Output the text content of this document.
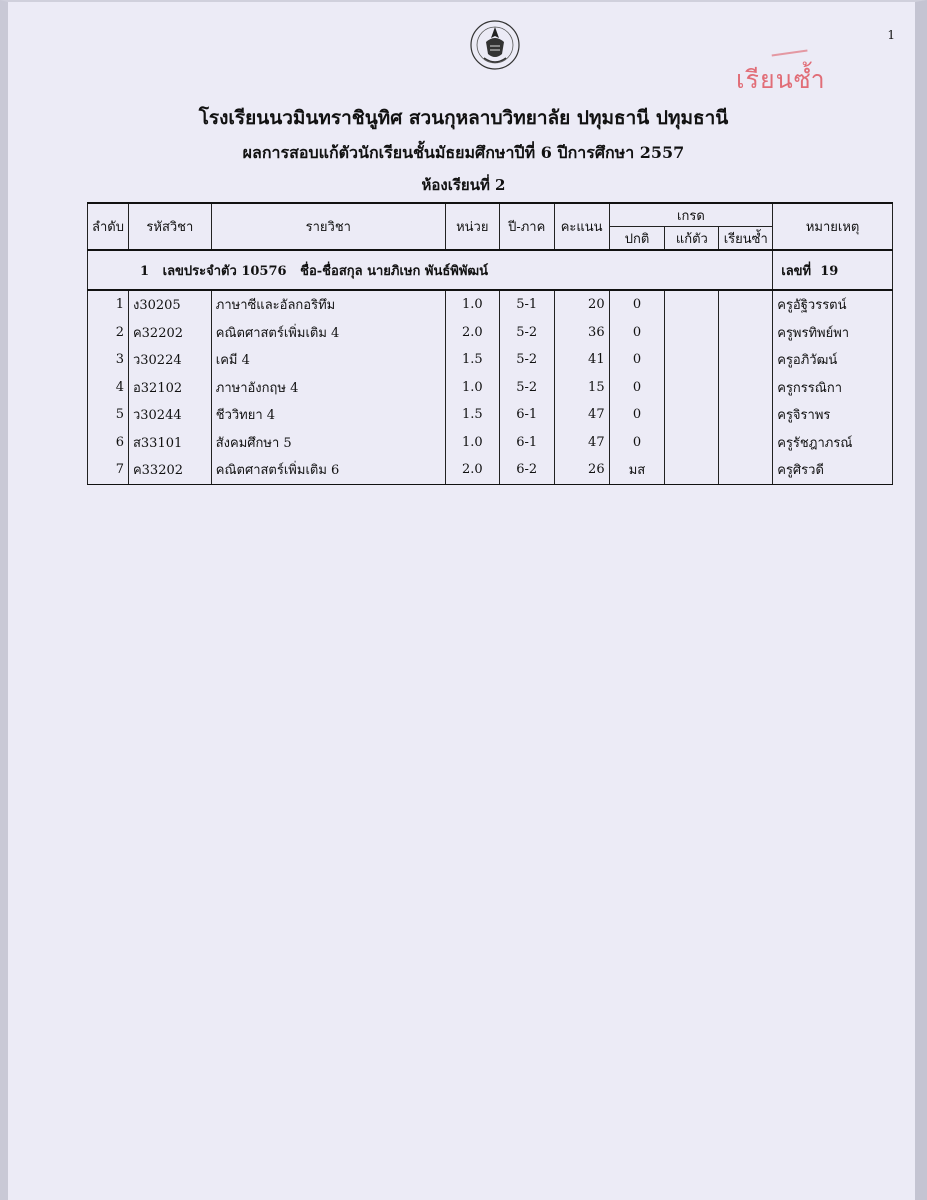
1
เรียนซ้ำ
โรงเรียนนวมินทราชินูทิศ สวนกุหลาบวิทยาลัย ปทุมธานี ปทุมธานี
ผลการสอบแก้ตัวนักเรียนชั้นมัธยมศึกษาปีที่ 6 ปีการศึกษา 2557
ห้องเรียนที่ 2
ลำดับ	รหัสวิชา	รายวิชา	หน่วย	ปี-ภาค	คะแนน	เกรด			หมายเหตุ
						ปกติ	แก้ตัว	เรียนซ้ำ	
1 เลขประจำตัว 10576 ชื่อ-ชื่อสกุล นายภิเษก พันธ์พิพัฒน์									เลขที่ 19
1	ง30205	ภาษาซีและอัลกอริทึม	1.0	5-1	20	0			ครูอัฐิวรรตน์
2	ค32202	คณิตศาสตร์เพิ่มเติม 4	2.0	5-2	36	0			ครูพรทิพย์พา
3	ว30224	เคมี 4	1.5	5-2	41	0			ครูอภิวัฒน์
4	อ32102	ภาษาอังกฤษ 4	1.0	5-2	15	0			ครูกรรณิกา
5	ว30244	ชีววิทยา 4	1.5	6-1	47	0			ครูจิราพร
6	ส33101	สังคมศึกษา 5	1.0	6-1	47	0			ครูรัชฎาภรณ์
7	ค33202	คณิตศาสตร์เพิ่มเติม 6	2.0	6-2	26	มส			ครูศิรวดี
